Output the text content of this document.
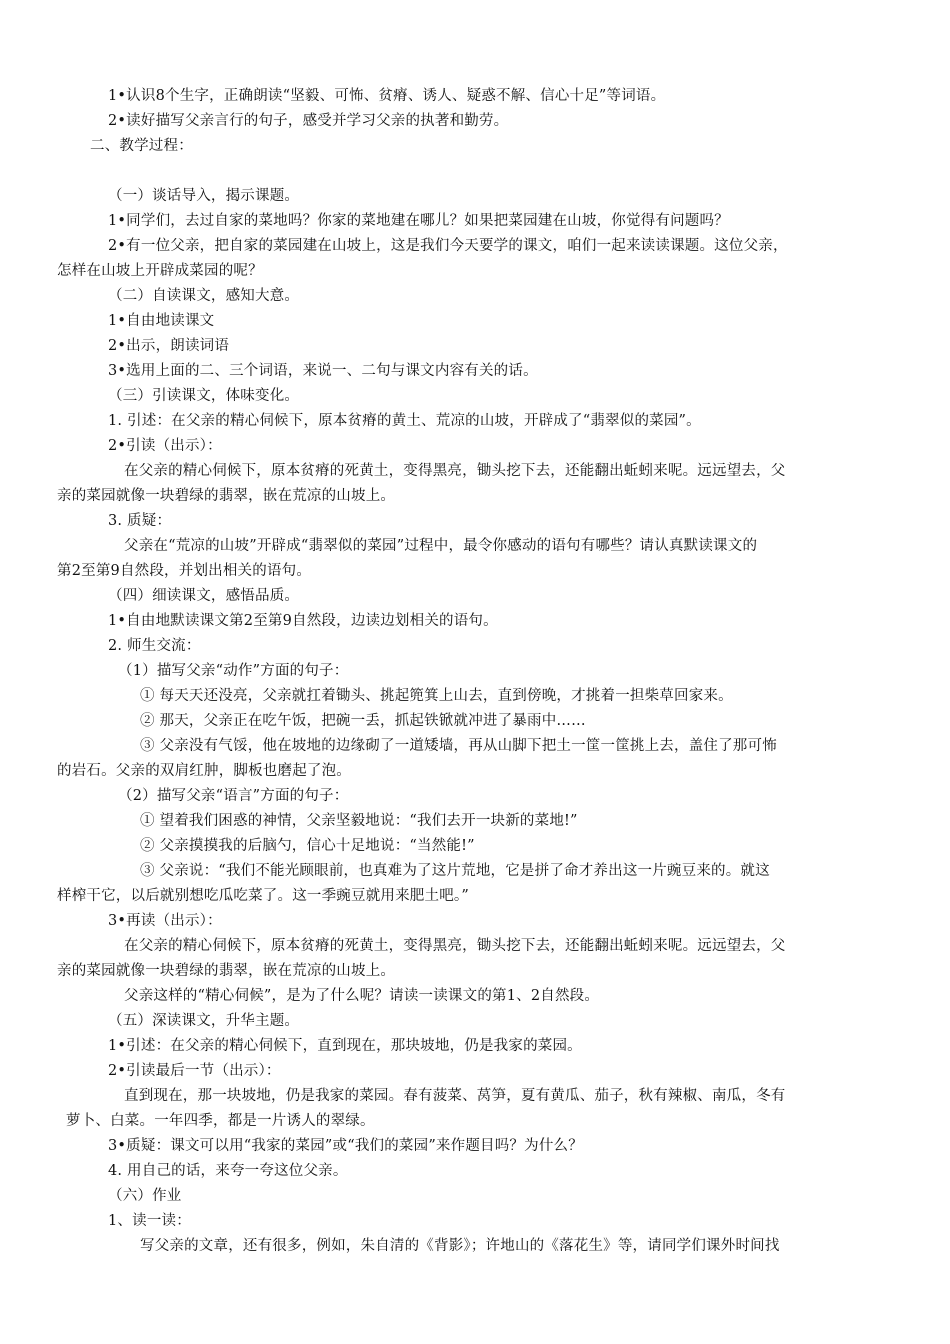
1•认识8个生字，正确朗读“坚毅、可怖、贫瘠、诱人、疑惑不解、信心十足”等词语。
2•读好描写父亲言行的句子，感受并学习父亲的执著和勤劳。
二、教学过程：
（一）谈话导入，揭示课题。
1•同学们，去过自家的菜地吗？你家的菜地建在哪儿？如果把菜园建在山坡，你觉得有问题吗？
2•有一位父亲，把自家的菜园建在山坡上，这是我们今天要学的课文，咱们一起来读读课题。这位父亲，
怎样在山坡上开辟成菜园的呢？
（二）自读课文，感知大意。
1•自由地读课文
2•出示，朗读词语
3•选用上面的二、三个词语，来说一、二句与课文内容有关的话。
（三）引读课文，体味变化。
1. 引述：在父亲的精心伺候下，原本贫瘠的黄土、荒凉的山坡，开辟成了“翡翠似的菜园”。
2•引读（出示）：
在父亲的精心伺候下，原本贫瘠的死黄土，变得黑亮，锄头挖下去，还能翻出蚯蚓来呢。远远望去，父
亲的菜园就像一块碧绿的翡翠，嵌在荒凉的山坡上。
3. 质疑：
父亲在“荒凉的山坡”开辟成“翡翠似的菜园”过程中，最令你感动的语句有哪些？请认真默读课文的
第2至第9自然段，并划出相关的语句。
（四）细读课文，感悟品质。
1•自由地默读课文第2至第9自然段，边读边划相关的语句。
2. 师生交流：
（1）描写父亲“动作”方面的句子：
① 每天天还没亮，父亲就扛着锄头、挑起篼箕上山去，直到傍晚，才挑着一担柴草回家来。
② 那天，父亲正在吃午饭，把碗一丢，抓起铁锨就冲进了暴雨中……
③ 父亲没有气馁，他在坡地的边缘砌了一道矮墙，再从山脚下把土一筐一筐挑上去，盖住了那可怖
的岩石。父亲的双肩红肿，脚板也磨起了泡。
（2）描写父亲“语言”方面的句子：
① 望着我们困惑的神情，父亲坚毅地说：“我们去开一块新的菜地!”
② 父亲摸摸我的后脑勺，信心十足地说：“当然能!”
③ 父亲说：“我们不能光顾眼前，也真难为了这片荒地，它是拼了命才养出这一片豌豆来的。就这
样榨干它，以后就别想吃瓜吃菜了。这一季豌豆就用来肥土吧。”
3•再读（出示）：
在父亲的精心伺候下，原本贫瘠的死黄土，变得黑亮，锄头挖下去，还能翻出蚯蚓来呢。远远望去，父
亲的菜园就像一块碧绿的翡翠，嵌在荒凉的山坡上。
父亲这样的“精心伺候”，是为了什么呢？请读一读课文的第1、2自然段。
（五）深读课文，升华主题。
1•引述：在父亲的精心伺候下，直到现在，那块坡地，仍是我家的菜园。
2•引读最后一节（出示）：
直到现在，那一块坡地，仍是我家的菜园。春有菠菜、莴笋，夏有黄瓜、茄子，秋有辣椒、南瓜，冬有
萝卜、白菜。一年四季，都是一片诱人的翠绿。
3•质疑：课文可以用“我家的菜园”或“我们的菜园”来作题目吗？为什么？
4. 用自己的话，来夸一夸这位父亲。
（六）作业
1、读一读：
写父亲的文章，还有很多，例如，朱自清的《背影》；许地山的《落花生》等，请同学们课外时间找
